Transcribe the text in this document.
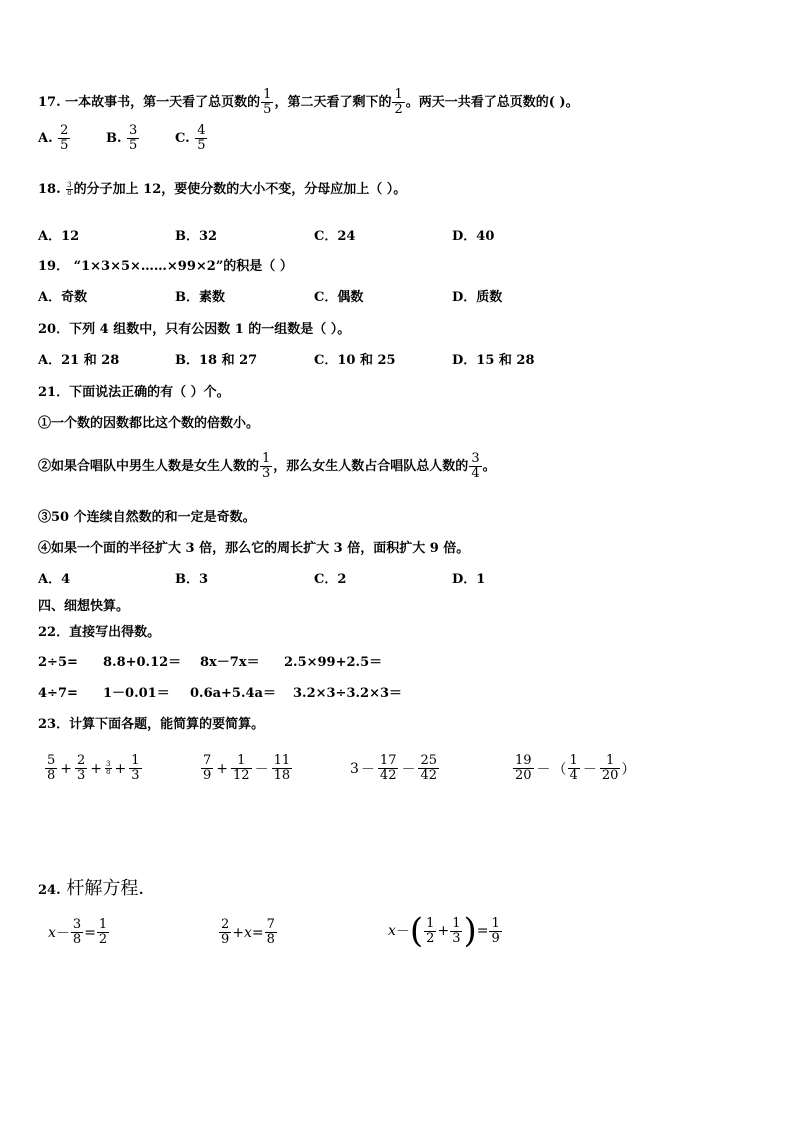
17. 一本故事书，第一天看了总页数的 $\frac{1}{5}$ ，第二天看了剩下的 $\frac{1}{2}$ 。两天一共看了总页数的( )。
A. $\frac{2}{5}$	B. $\frac{3}{5}$	C. $\frac{4}{5}$
18. $\frac{3}{8}$ 的分子加上 12，要使分数的大小不变，分母应加上（ ）。
A．12	B．32	C．24	D．40
19． “1×3×5×……×99×2”的积是（ ）
A．奇数	B．素数	C．偶数	D．质数
20．下列 4 组数中，只有公因数 1 的一组数是（ ）。
A．21 和 28	B．18 和 27	C．10 和 25	D．15 和 28
21．下面说法正确的有（ ）个。
①一个数的因数都比这个数的倍数小。
②如果合唱队中男生人数是女生人数的 $\frac{1}{3}$ ，那么女生人数占合唱队总人数的 $\frac{3}{4}$ 。
③50 个连续自然数的和一定是奇数。
④如果一个面的半径扩大 3 倍，那么它的周长扩大 3 倍，面积扩大 9 倍。
A．4	B．3	C．2	D．1
四、细想快算。
22．直接写出得数。
2÷5= 8.8+0.12＝ 8x－7x＝ 2.5×99+2.5＝
4÷7= 1－0.01＝ 0.6a+5.4a＝ 3.2×3÷3.2×3＝
23．计算下面各题，能简算的要简算。
$\frac{5}{8} + \frac{2}{3} + \frac{3}{8} + \frac{1}{3}$	$\frac{7}{9} + \frac{1}{12} - \frac{11}{18}$	$3 - \frac{17}{42} - \frac{25}{42}$	$\frac{19}{20}$ － （ $\frac{1}{4} - \frac{1}{20}$ ）
24. 杆解方程．
$x - \frac{3}{8} = \frac{1}{2}$	$\frac{2}{9} + x = \frac{7}{8}$	x － ( $\frac{1}{2} + \frac{1}{3}$ ) = $\frac{1}{9}$
